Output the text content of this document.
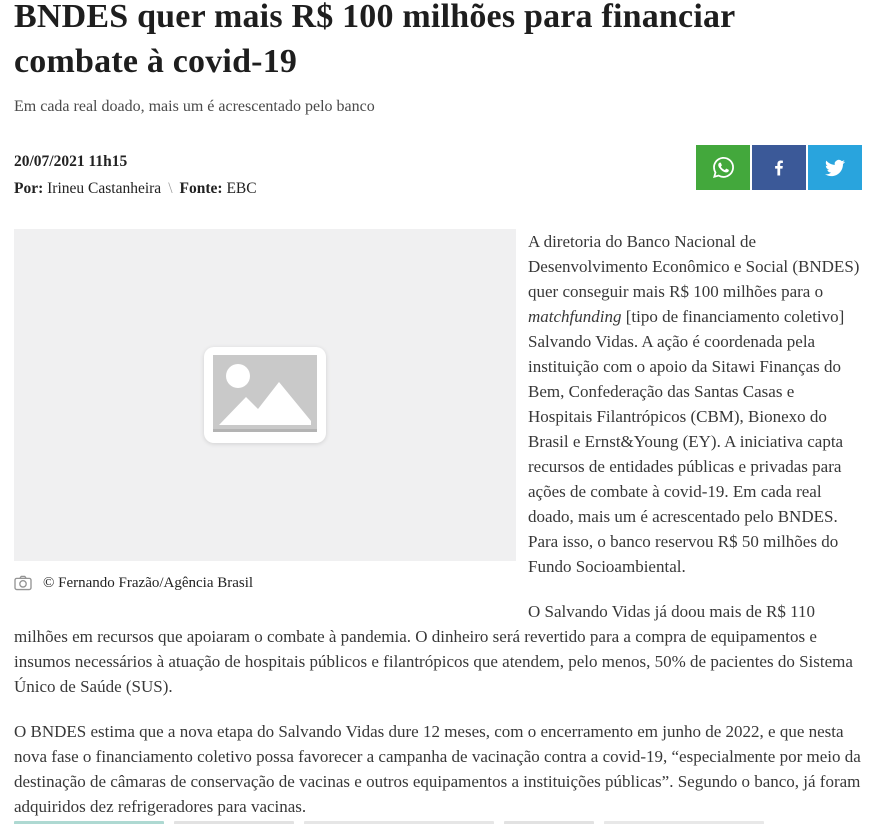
BNDES quer mais R$ 100 milhões para financiar combate à covid-19

Em cada real doado, mais um é acrescentado pelo banco

20/07/2021 11h15
Por: Irineu Castanheira \ Fonte: EBC
© Fernando Frazão/Agência Brasil

A diretoria do Banco Nacional de Desenvolvimento Econômico e Social (BNDES) quer conseguir mais R$ 100 milhões para o matchfunding [tipo de financiamento coletivo] Salvando Vidas. A ação é coordenada pela instituição com o apoio da Sitawi Finanças do Bem, Confederação das Santas Casas e Hospitais Filantrópicos (CBM), Bionexo do Brasil e Ernst&Young (EY). A iniciativa capta recursos de entidades públicas e privadas para ações de combate à covid-19. Em cada real doado, mais um é acrescentado pelo BNDES. Para isso, o banco reservou R$ 50 milhões do Fundo Socioambiental.

O Salvando Vidas já doou mais de R$ 110 milhões em recursos que apoiaram o combate à pandemia. O dinheiro será revertido para a compra de equipamentos e insumos necessários à atuação de hospitais públicos e filantrópicos que atendem, pelo menos, 50% de pacientes do Sistema Único de Saúde (SUS).

O BNDES estima que a nova etapa do Salvando Vidas dure 12 meses, com o encerramento em junho de 2022, e que nesta nova fase o financiamento coletivo possa favorecer a campanha de vacinação contra a covid-19, “especialmente por meio da destinação de câmaras de conservação de vacinas e outros equipamentos a instituições públicas”. Segundo o banco, já foram adquiridos dez refrigeradores para vacinas.
